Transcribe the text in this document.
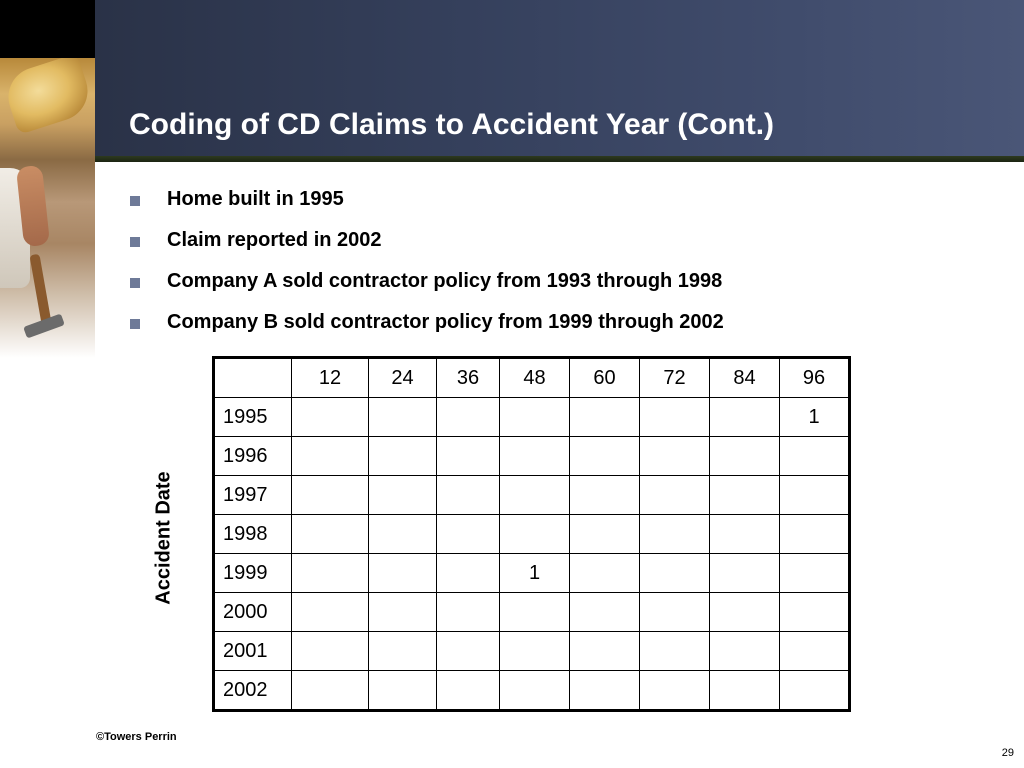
Coding of CD Claims to Accident Year (Cont.)
Home built in 1995
Claim reported in 2002
Company A sold contractor policy from 1993 through 1998
Company B sold contractor policy from 1999 through 2002
Accident Date
	12	24	36	48	60	72	84	96
1995								1
1996								
1997								
1998								
1999				1				
2000								
2001								
2002								
©Towers Perrin
29
